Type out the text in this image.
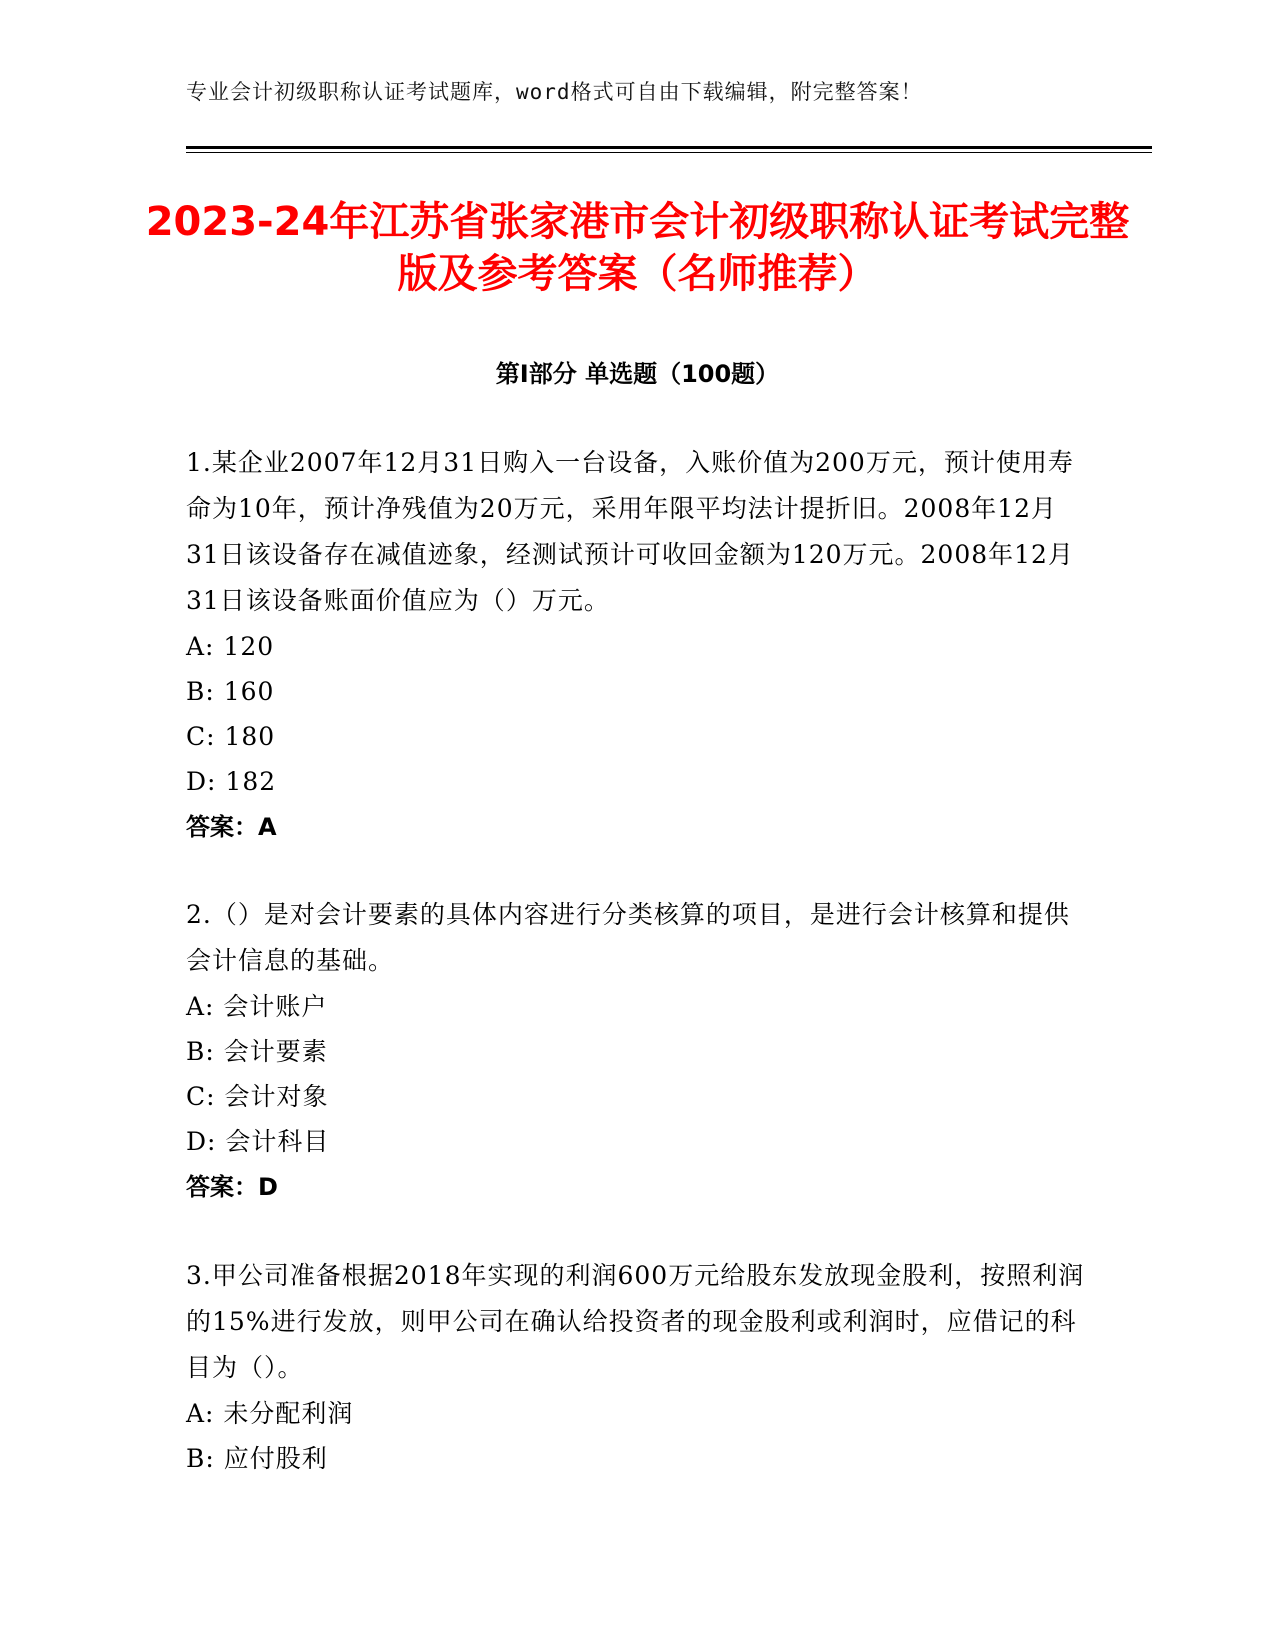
专业会计初级职称认证考试题库，word格式可自由下载编辑，附完整答案！
2023-24年江苏省张家港市会计初级职称认证考试完整版及参考答案（名师推荐）
第Ⅰ部分 单选题（100题）

1.某企业2007年12月31日购入一台设备，入账价值为200万元，预计使用寿命为10年，预计净残值为20万元，采用年限平均法计提折旧。2008年12月31日该设备存在减值迹象，经测试预计可收回金额为120万元。2008年12月31日该设备账面价值应为（）万元。

A: 120

B: 160

C: 180

D: 182

答案：A

2.（）是对会计要素的具体内容进行分类核算的项目，是进行会计核算和提供会计信息的基础。

A: 会计账户

B: 会计要素

C: 会计对象

D: 会计科目

答案：D

3.甲公司准备根据2018年实现的利润600万元给股东发放现金股利，按照利润的15%进行发放，则甲公司在确认给投资者的现金股利或利润时，应借记的科目为（）。

A: 未分配利润

B: 应付股利
